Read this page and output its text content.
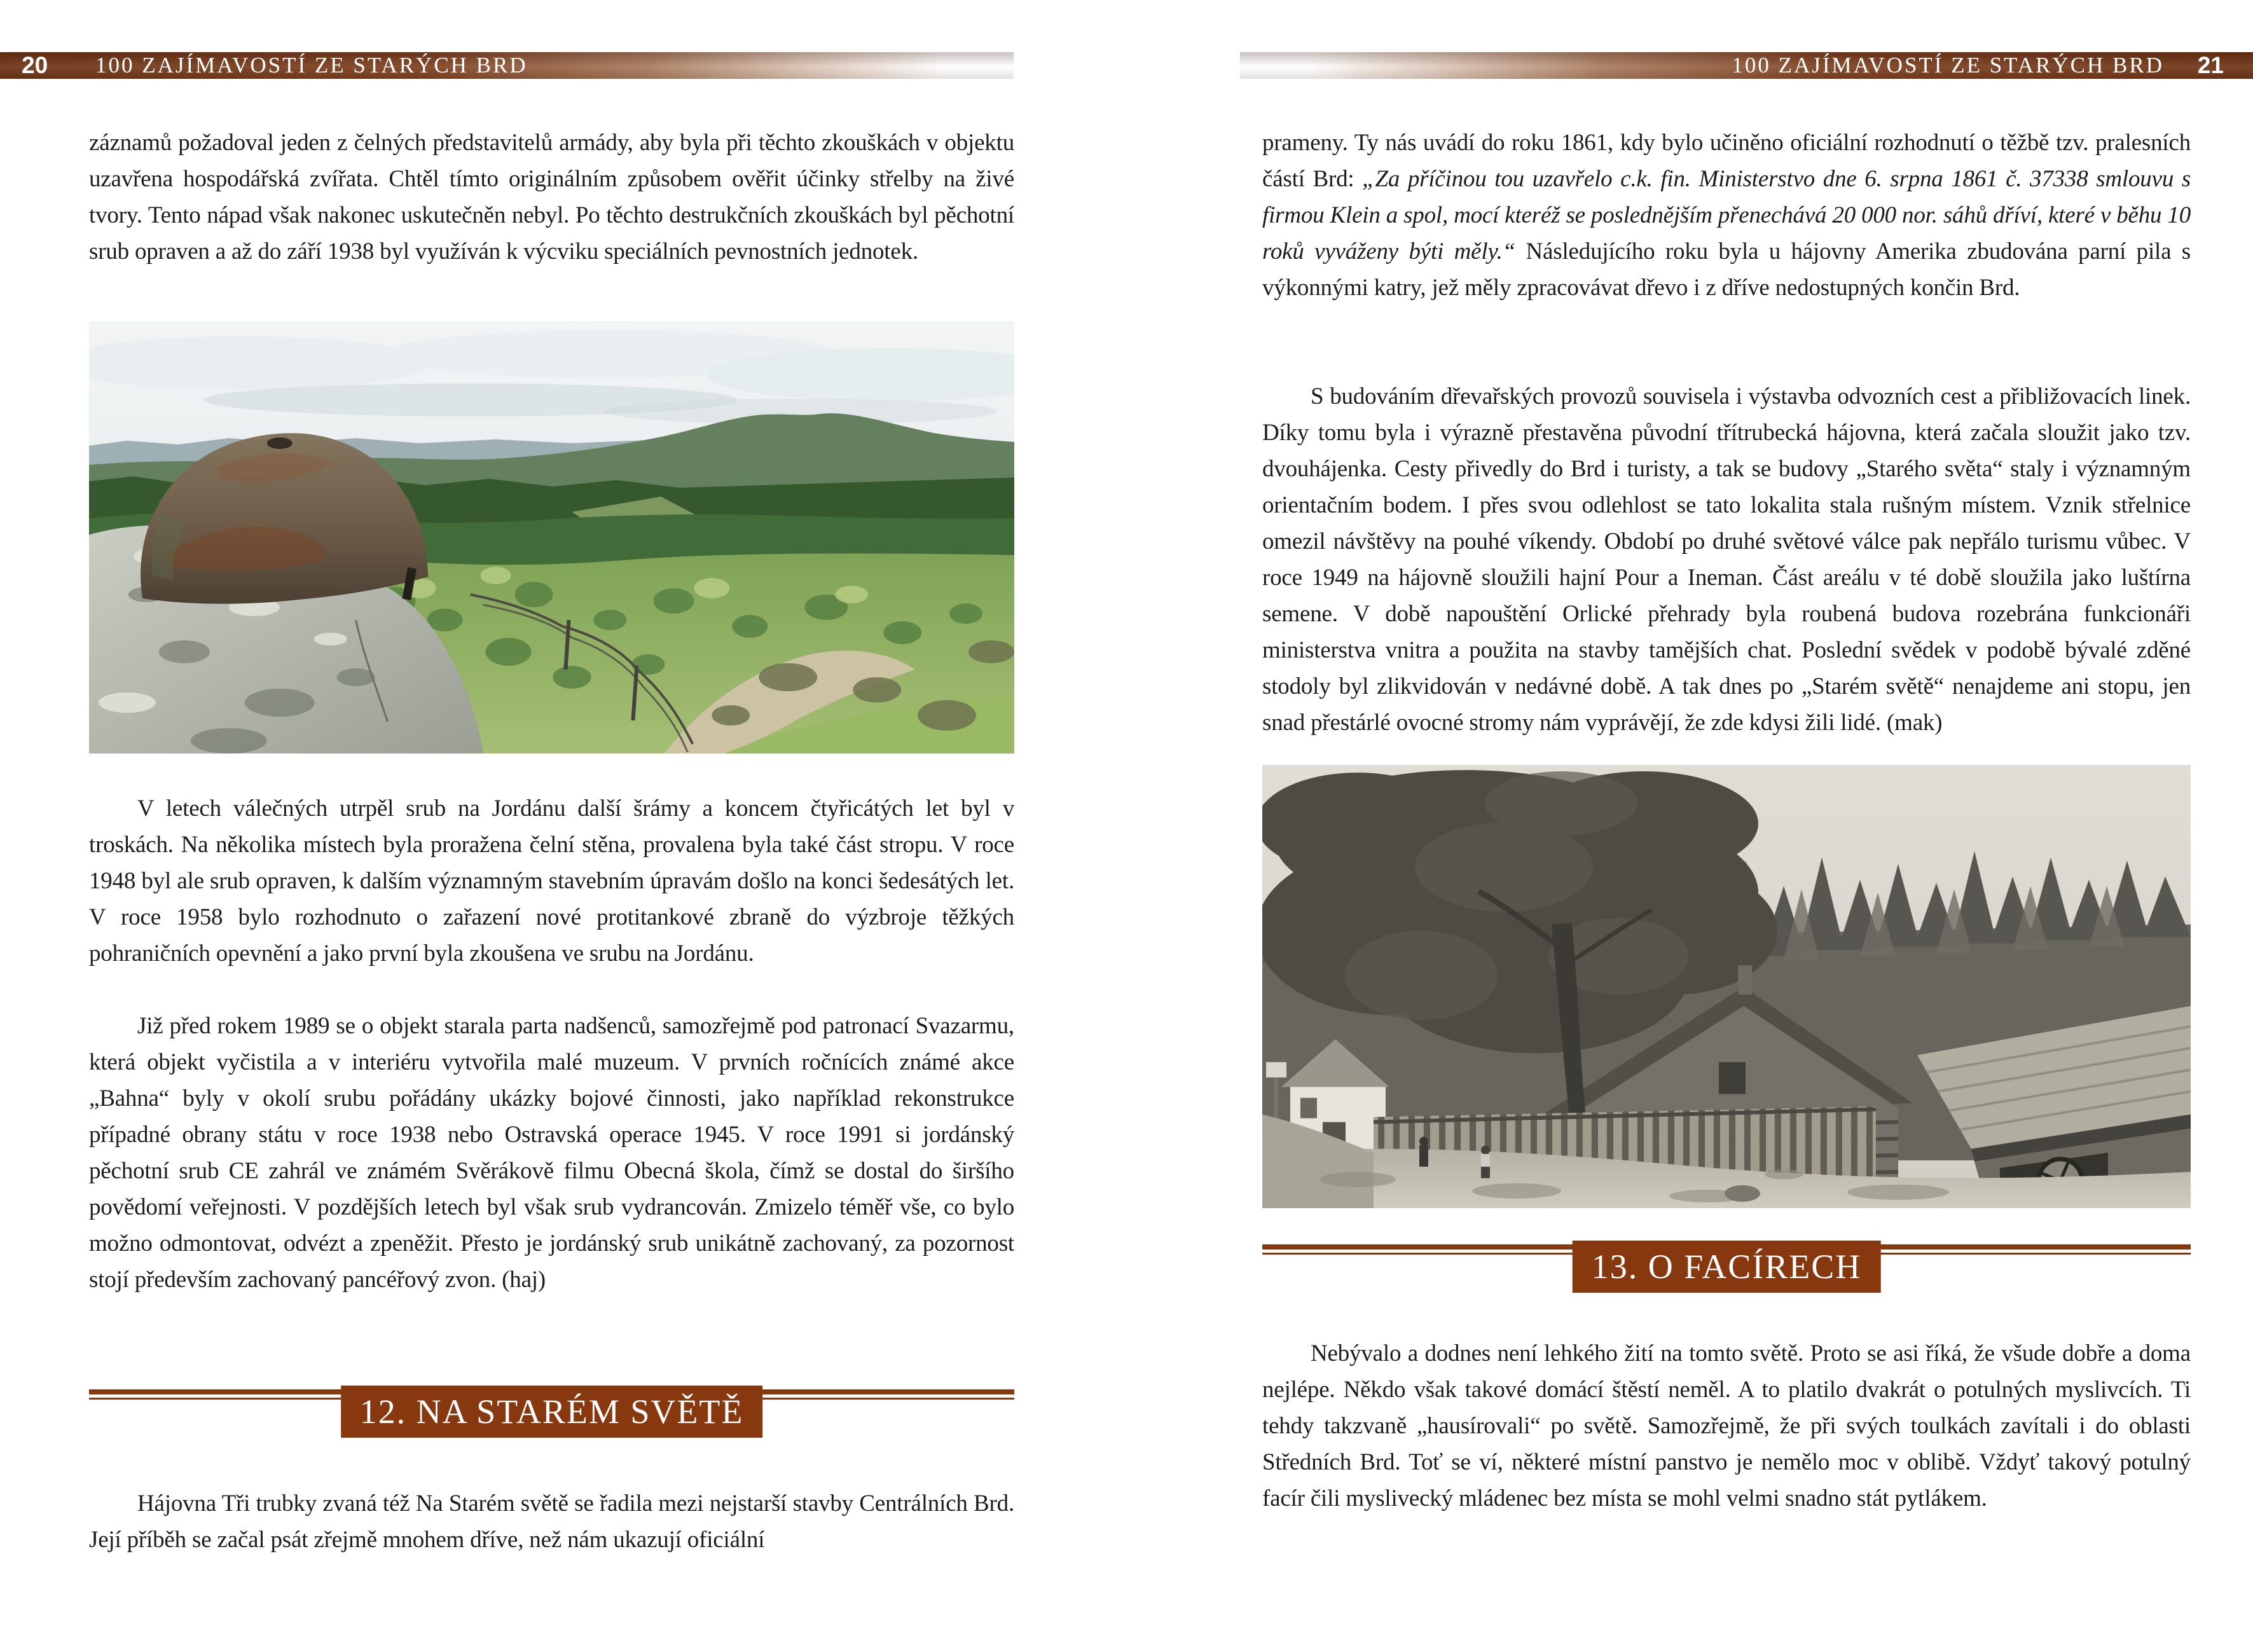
20 100 ZAJÍMAVOSTÍ ZE STARÝCH BRD	100 ZAJÍMAVOSTÍ ZE STARÝCH BRD 21
záznamů požadoval jeden z čelných představitelů armády, aby byla při těchto zkouškách v objektu uzavřena hospodářská zvířata. Chtěl tímto originálním způsobem ověřit účinky střelby na živé tvory. Tento nápad však nakonec uskutečněn nebyl. Po těchto destrukčních zkouškách byl pěchotní srub opraven a až do září 1938 byl využíván k výcviku speciálních pevnostních jednotek.
V letech válečných utrpěl srub na Jordánu další šrámy a koncem čtyřicátých let byl v troskách. Na několika místech byla proražena čelní stěna, provalena byla také část stropu. V roce 1948 byl ale srub opraven, k dalším významným stavebním úpravám došlo na konci šedesátých let. V roce 1958 bylo rozhodnuto o zařazení nové protitankové zbraně do výzbroje těžkých pohraničních opevnění a jako první byla zkoušena ve srubu na Jordánu.
Již před rokem 1989 se o objekt starala parta nadšenců, samozřejmě pod patronací Svazarmu, která objekt vyčistila a v interiéru vytvořila malé muzeum. V prvních ročnících známé akce „Bahna“ byly v okolí srubu pořádány ukázky bojové činnosti, jako například rekonstrukce případné obrany státu v roce 1938 nebo Ostravská operace 1945. V roce 1991 si jordánský pěchotní srub CE zahrál ve známém Svěrákově filmu Obecná škola, čímž se dostal do širšího povědomí veřejnosti. V pozdějších letech byl však srub vydrancován. Zmizelo téměř vše, co bylo možno odmontovat, odvézt a zpeněžit. Přesto je jordánský srub unikátně zachovaný, za pozornost stojí především zachovaný pancéřový zvon. (haj)
12. NA STARÉM SVĚTĚ
Hájovna Tři trubky zvaná též Na Starém světě se řadila mezi nejstarší stavby Centrálních Brd. Její příběh se začal psát zřejmě mnohem dříve, než nám ukazují oficiální
prameny. Ty nás uvádí do roku 1861, kdy bylo učiněno oficiální rozhodnutí o těžbě tzv. pralesních částí Brd: „Za příčinou tou uzavřelo c.k. fin. Ministerstvo dne 6. srpna 1861 č. 37338 smlouvu s firmou Klein a spol, mocí kteréž se poslednějším přenechává 20 000 nor. sáhů dříví, které v běhu 10 roků vyváženy býti měly.“ Následujícího roku byla u hájovny Amerika zbudována parní pila s výkonnými katry, jež měly zpracovávat dřevo i z dříve nedostupných končin Brd.
S budováním dřevařských provozů souvisela i výstavba odvozních cest a přibližovacích linek. Díky tomu byla i výrazně přestavěna původní třítrubecká hájovna, která začala sloužit jako tzv. dvouhájenka. Cesty přivedly do Brd i turisty, a tak se budovy „Starého světa“ staly i významným orientačním bodem. I přes svou odlehlost se tato lokalita stala rušným místem. Vznik střelnice omezil návštěvy na pouhé víkendy. Období po druhé světové válce pak nepřálo turismu vůbec. V roce 1949 na hájovně sloužili hajní Pour a Ineman. Část areálu v té době sloužila jako luštírna semene. V době napouštění Orlické přehrady byla roubená budova rozebrána funkcionáři ministerstva vnitra a použita na stavby tamějších chat. Poslední svědek v podobě bývalé zděné stodoly byl zlikvidován v nedávné době. A tak dnes po „Starém světě“ nenajdeme ani stopu, jen snad přestárlé ovocné stromy nám vyprávějí, že zde kdysi žili lidé. (mak)
13. O FACÍRECH
Nebývalo a dodnes není lehkého žití na tomto světě. Proto se asi říká, že všude dobře a doma nejlépe. Někdo však takové domácí štěstí neměl. A to platilo dvakrát o potulných myslivcích. Ti tehdy takzvaně „hausírovali“ po světě. Samozřejmě, že při svých toulkách zavítali i do oblasti Středních Brd. Toť se ví, některé místní panstvo je nemělo moc v oblibě. Vždyť takový potulný facír čili myslivecký mládenec bez místa se mohl velmi snadno stát pytlákem.
